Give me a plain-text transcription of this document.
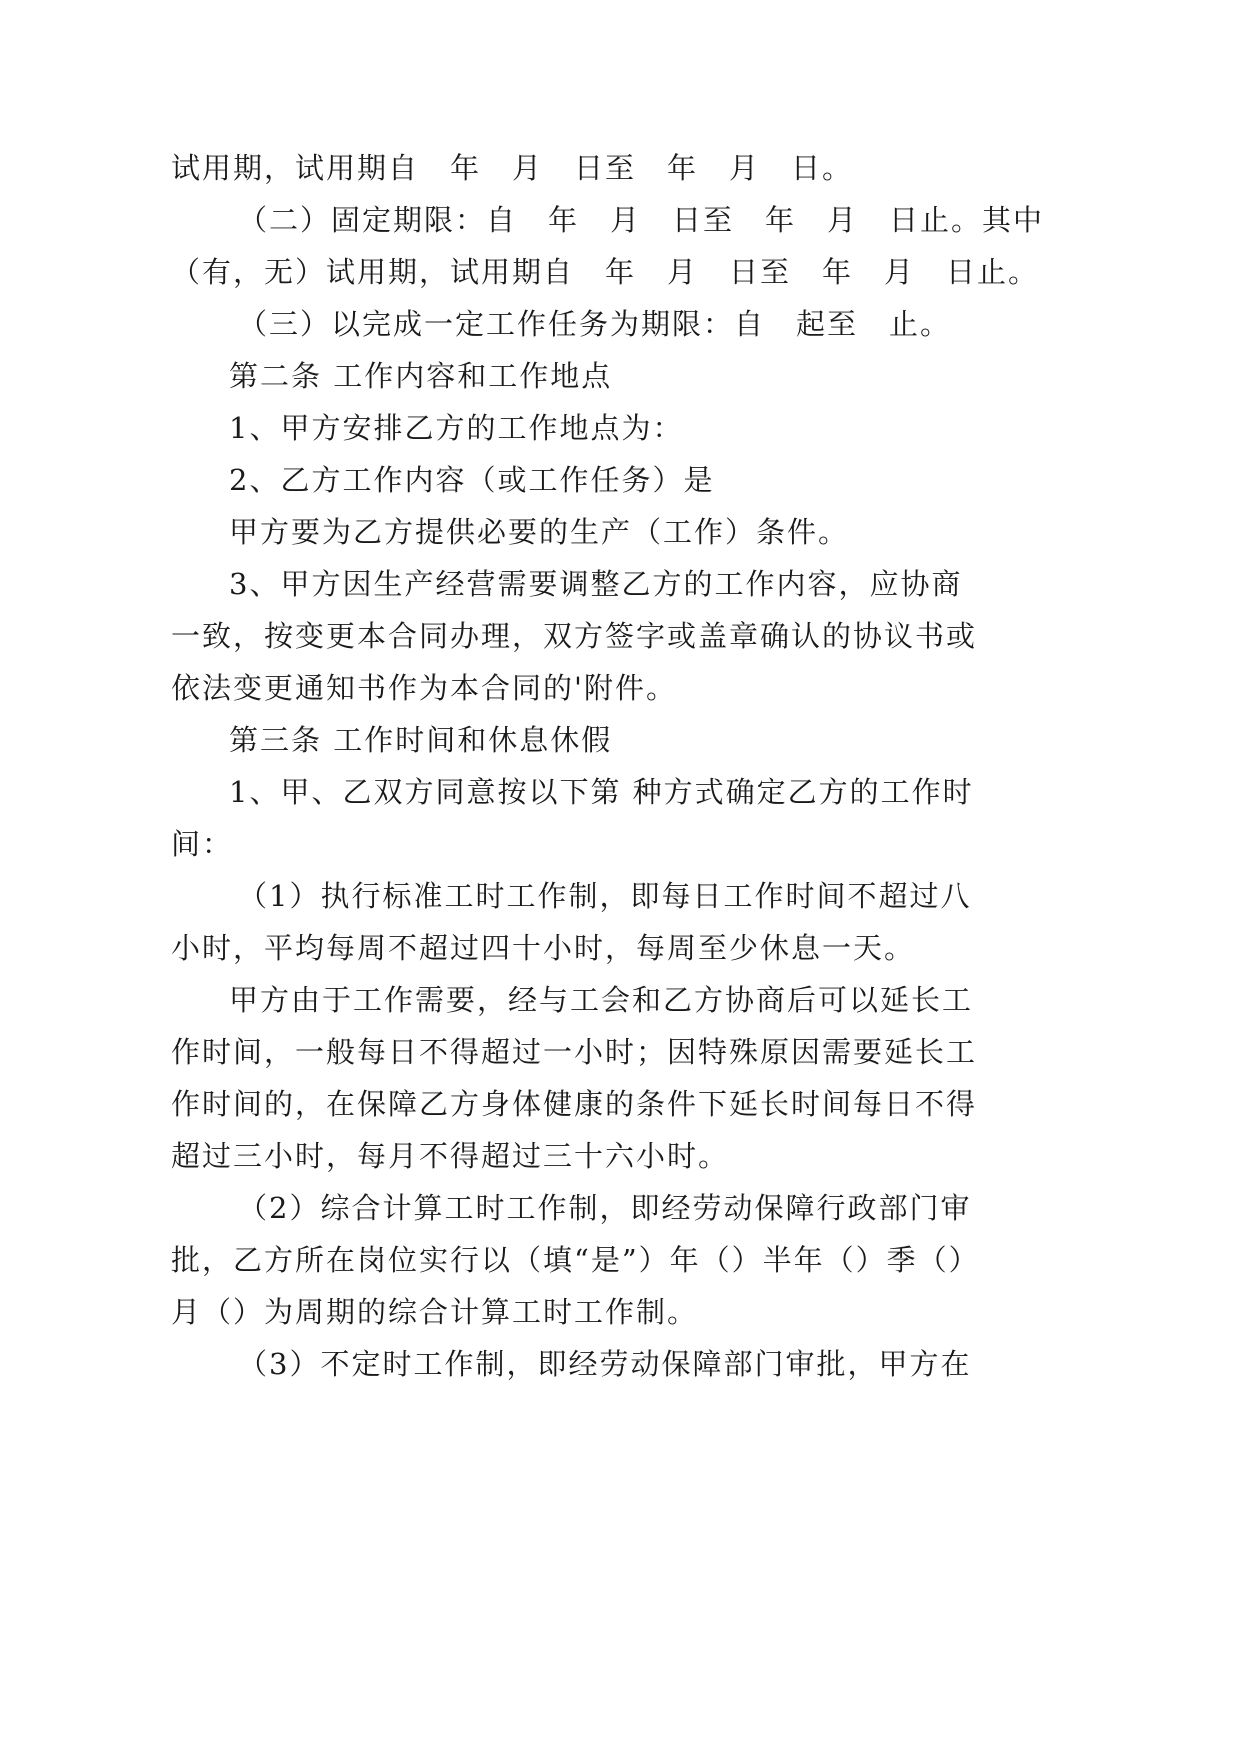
试用期，试用期自　年　月　日至　年　月　日。
（二）固定期限：自　年　月　日至　年　月　日止。其中
（有，无）试用期，试用期自　年　月　日至　年　月　日止。
（三）以完成一定工作任务为期限：自　起至　止。
第二条 工作内容和工作地点
1、甲方安排乙方的工作地点为：
2、乙方工作内容（或工作任务）是
甲方要为乙方提供必要的生产（工作）条件。
3、甲方因生产经营需要调整乙方的工作内容，应协商
一致，按变更本合同办理，双方签字或盖章确认的协议书或
依法变更通知书作为本合同的'附件。
第三条 工作时间和休息休假
1、甲、乙双方同意按以下第 种方式确定乙方的工作时
间：
（1）执行标准工时工作制，即每日工作时间不超过八
小时，平均每周不超过四十小时，每周至少休息一天。
甲方由于工作需要，经与工会和乙方协商后可以延长工
作时间，一般每日不得超过一小时；因特殊原因需要延长工
作时间的，在保障乙方身体健康的条件下延长时间每日不得
超过三小时，每月不得超过三十六小时。
（2）综合计算工时工作制，即经劳动保障行政部门审
批，乙方所在岗位实行以（填“是”）年（）半年（）季（）
月（）为周期的综合计算工时工作制。
（3）不定时工作制，即经劳动保障部门审批，甲方在
